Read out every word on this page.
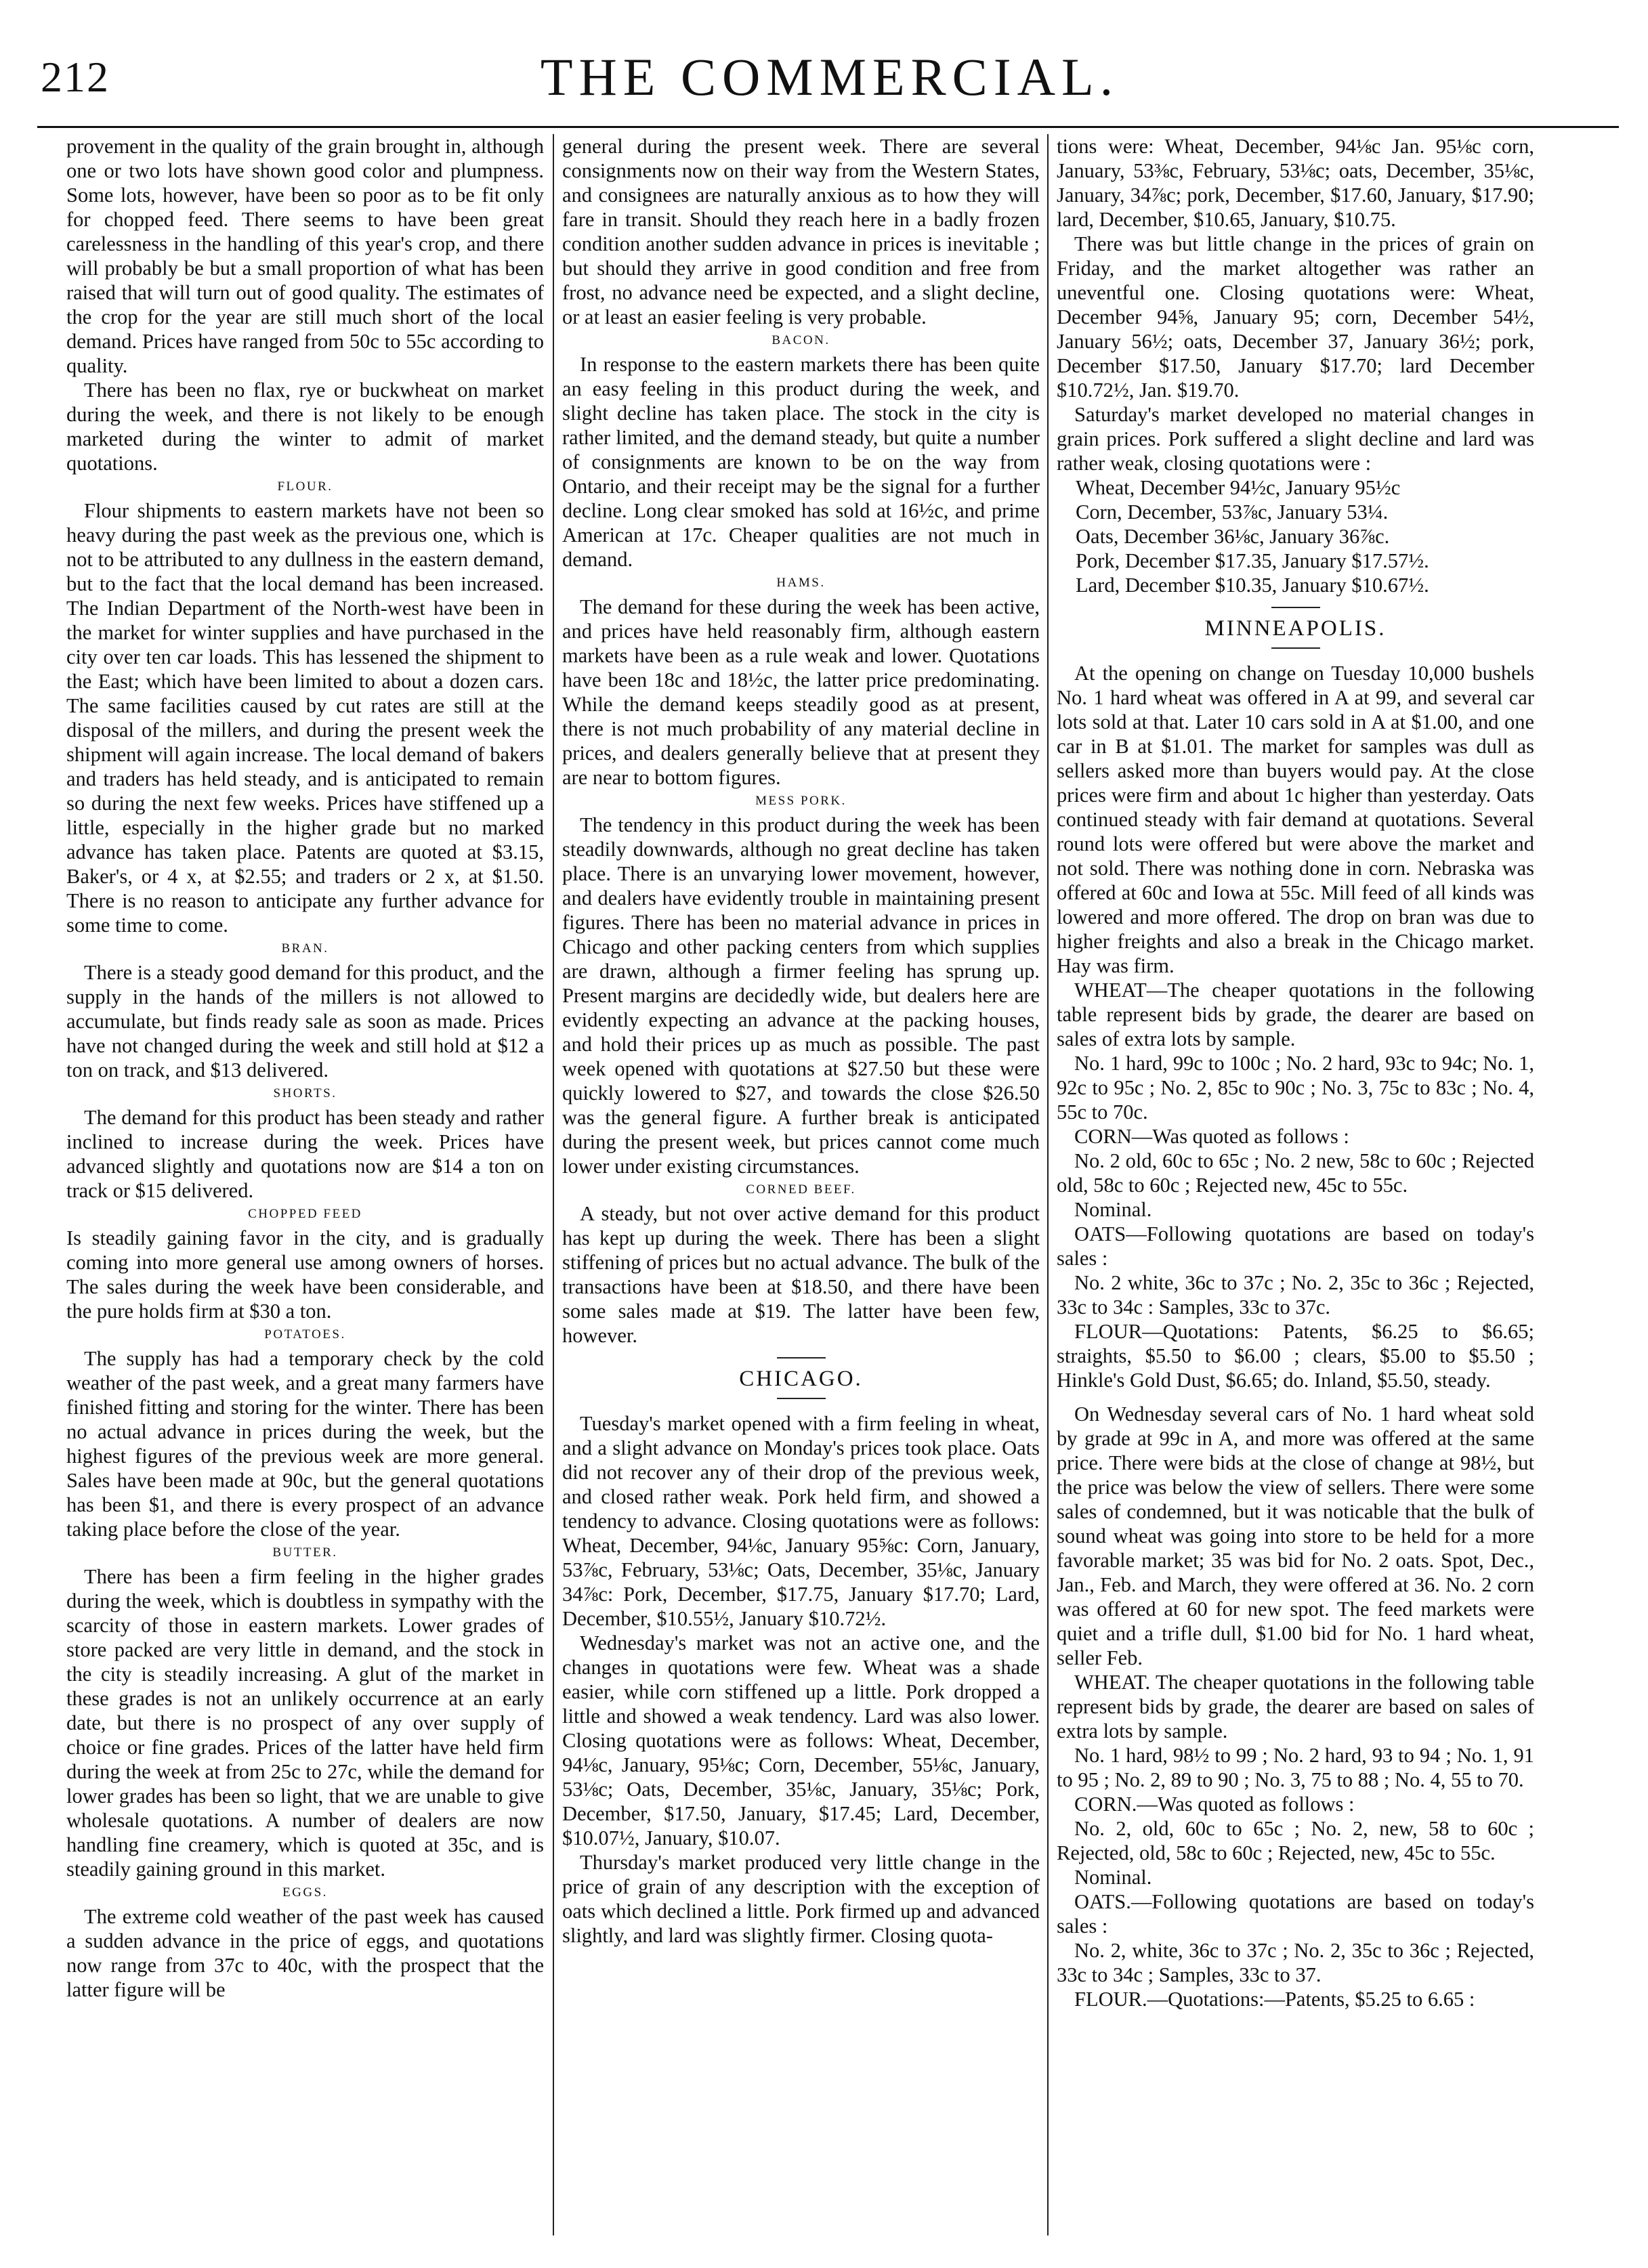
212	THE COMMERCIAL.

provement in the quality of the grain brought in, although one or two lots have shown good color and plumpness. Some lots, however, have been so poor as to be fit only for chopped feed. There seems to have been great carelessness in the handling of this year's crop, and there will probably be but a small proportion of what has been raised that will turn out of good quality. The estimates of the crop for the year are still much short of the local demand. Prices have ranged from 50c to 55c according to quality.

There has been no flax, rye or buckwheat on market during the week, and there is not likely to be enough marketed during the winter to admit of market quotations.

FLOUR.

Flour shipments to eastern markets have not been so heavy during the past week as the previous one, which is not to be attributed to any dullness in the eastern demand, but to the fact that the local demand has been increased. The Indian Department of the North-west have been in the market for winter supplies and have purchased in the city over ten car loads. This has lessened the shipment to the East; which have been limited to about a dozen cars. The same facilities caused by cut rates are still at the disposal of the millers, and during the present week the shipment will again increase. The local demand of bakers and traders has held steady, and is anticipated to remain so during the next few weeks. Prices have stiffened up a little, especially in the higher grade but no marked advance has taken place. Patents are quoted at $3.15, Baker's, or 4 x, at $2.55; and traders or 2 x, at $1.50. There is no reason to anticipate any further advance for some time to come.

BRAN.

There is a steady good demand for this product, and the supply in the hands of the millers is not allowed to accumulate, but finds ready sale as soon as made. Prices have not changed during the week and still hold at $12 a ton on track, and $13 delivered.

SHORTS.

The demand for this product has been steady and rather inclined to increase during the week. Prices have advanced slightly and quotations now are $14 a ton on track or $15 delivered.

CHOPPED FEED

Is steadily gaining favor in the city, and is gradually coming into more general use among owners of horses. The sales during the week have been considerable, and the pure holds firm at $30 a ton.

POTATOES.

The supply has had a temporary check by the cold weather of the past week, and a great many farmers have finished fitting and storing for the winter. There has been no actual advance in prices during the week, but the highest figures of the previous week are more general. Sales have been made at 90c, but the general quotations has been $1, and there is every prospect of an advance taking place before the close of the year.

BUTTER.

There has been a firm feeling in the higher grades during the week, which is doubtless in sympathy with the scarcity of those in eastern markets. Lower grades of store packed are very little in demand, and the stock in the city is steadily increasing. A glut of the market in these grades is not an unlikely occurrence at an early date, but there is no prospect of any over supply of choice or fine grades. Prices of the latter have held firm during the week at from 25c to 27c, while the demand for lower grades has been so light, that we are unable to give wholesale quotations. A number of dealers are now handling fine creamery, which is quoted at 35c, and is steadily gaining ground in this market.

EGGS.

The extreme cold weather of the past week has caused a sudden advance in the price of eggs, and quotations now range from 37c to 40c, with the prospect that the latter figure will be

general during the present week. There are several consignments now on their way from the Western States, and consignees are naturally anxious as to how they will fare in transit. Should they reach here in a badly frozen condition another sudden advance in prices is inevitable ; but should they arrive in good condition and free from frost, no advance need be expected, and a slight decline, or at least an easier feeling is very probable.

BACON.

In response to the eastern markets there has been quite an easy feeling in this product during the week, and slight decline has taken place. The stock in the city is rather limited, and the demand steady, but quite a number of consignments are known to be on the way from Ontario, and their receipt may be the signal for a further decline. Long clear smoked has sold at 16½c, and prime American at 17c. Cheaper qualities are not much in demand.

HAMS.

The demand for these during the week has been active, and prices have held reasonably firm, although eastern markets have been as a rule weak and lower. Quotations have been 18c and 18½c, the latter price predominating. While the demand keeps steadily good as at present, there is not much probability of any material decline in prices, and dealers generally believe that at present they are near to bottom figures.

MESS PORK.

The tendency in this product during the week has been steadily downwards, although no great decline has taken place. There is an unvarying lower movement, however, and dealers have evidently trouble in maintaining present figures. There has been no material advance in prices in Chicago and other packing centers from which supplies are drawn, although a firmer feeling has sprung up. Present margins are decidedly wide, but dealers here are evidently expecting an advance at the packing houses, and hold their prices up as much as possible. The past week opened with quotations at $27.50 but these were quickly lowered to $27, and towards the close $26.50 was the general figure. A further break is anticipated during the present week, but prices cannot come much lower under existing circumstances.

CORNED BEEF.

A steady, but not over active demand for this product has kept up during the week. There has been a slight stiffening of prices but no actual advance. The bulk of the transactions have been at $18.50, and there have been some sales made at $19. The latter have been few, however.

CHICAGO.

Tuesday's market opened with a firm feeling in wheat, and a slight advance on Monday's prices took place. Oats did not recover any of their drop of the previous week, and closed rather weak. Pork held firm, and showed a tendency to advance. Closing quotations were as follows: Wheat, December, 94⅛c, January 95⅝c: Corn, January, 53⅞c, February, 53⅛c; Oats, December, 35⅛c, January 34⅞c: Pork, December, $17.75, January $17.70; Lard, December, $10.55½, January $10.72½.

Wednesday's market was not an active one, and the changes in quotations were few. Wheat was a shade easier, while corn stiffened up a little. Pork dropped a little and showed a weak tendency. Lard was also lower. Closing quotations were as follows: Wheat, December, 94⅛c, January, 95⅛c; Corn, December, 55⅛c, January, 53⅛c; Oats, December, 35⅛c, January, 35⅛c; Pork, December, $17.50, January, $17.45; Lard, December, $10.07½, January, $10.07.

Thursday's market produced very little change in the price of grain of any description with the exception of oats which declined a little. Pork firmed up and advanced slightly, and lard was slightly firmer. Closing quota-

tions were: Wheat, December, 94⅛c Jan. 95⅛c corn, January, 53⅜c, February, 53⅛c; oats, December, 35⅛c, January, 34⅞c; pork, December, $17.60, January, $17.90; lard, December, $10.65, January, $10.75.

There was but little change in the prices of grain on Friday, and the market altogether was rather an uneventful one. Closing quotations were: Wheat, December 94⅝, January 95; corn, December 54½, January 56½; oats, December 37, January 36½; pork, December $17.50, January $17.70; lard December $10.72½, Jan. $19.70.

Saturday's market developed no material changes in grain prices. Pork suffered a slight decline and lard was rather weak, closing quotations were :

Wheat, December 94½c, January 95½c

Corn, December, 53⅞c, January 53¼.

Oats, December 36⅛c, January 36⅞c.

Pork, December $17.35, January $17.57½.

Lard, December $10.35, January $10.67½.

MINNEAPOLIS.

At the opening on change on Tuesday 10,000 bushels No. 1 hard wheat was offered in A at 99, and several car lots sold at that. Later 10 cars sold in A at $1.00, and one car in B at $1.01. The market for samples was dull as sellers asked more than buyers would pay. At the close prices were firm and about 1c higher than yesterday. Oats continued steady with fair demand at quotations. Several round lots were offered but were above the market and not sold. There was nothing done in corn. Nebraska was offered at 60c and Iowa at 55c. Mill feed of all kinds was lowered and more offered. The drop on bran was due to higher freights and also a break in the Chicago market. Hay was firm.

WHEAT—The cheaper quotations in the following table represent bids by grade, the dearer are based on sales of extra lots by sample.

No. 1 hard, 99c to 100c ; No. 2 hard, 93c to 94c; No. 1, 92c to 95c ; No. 2, 85c to 90c ; No. 3, 75c to 83c ; No. 4, 55c to 70c.

CORN—Was quoted as follows :

No. 2 old, 60c to 65c ; No. 2 new, 58c to 60c ; Rejected old, 58c to 60c ; Rejected new, 45c to 55c.

Nominal.

OATS—Following quotations are based on today's sales :

No. 2 white, 36c to 37c ; No. 2, 35c to 36c ; Rejected, 33c to 34c : Samples, 33c to 37c.

FLOUR—Quotations: Patents, $6.25 to $6.65; straights, $5.50 to $6.00 ; clears, $5.00 to $5.50 ; Hinkle's Gold Dust, $6.65; do. Inland, $5.50, steady.

On Wednesday several cars of No. 1 hard wheat sold by grade at 99c in A, and more was offered at the same price. There were bids at the close of change at 98½, but the price was below the view of sellers. There were some sales of condemned, but it was noticable that the bulk of sound wheat was going into store to be held for a more favorable market; 35 was bid for No. 2 oats. Spot, Dec., Jan., Feb. and March, they were offered at 36. No. 2 corn was offered at 60 for new spot. The feed markets were quiet and a trifle dull, $1.00 bid for No. 1 hard wheat, seller Feb.

WHEAT. The cheaper quotations in the following table represent bids by grade, the dearer are based on sales of extra lots by sample.

No. 1 hard, 98½ to 99 ; No. 2 hard, 93 to 94 ; No. 1, 91 to 95 ; No. 2, 89 to 90 ; No. 3, 75 to 88 ; No. 4, 55 to 70.

CORN.—Was quoted as follows :

No. 2, old, 60c to 65c ; No. 2, new, 58 to 60c ; Rejected, old, 58c to 60c ; Rejected, new, 45c to 55c.

Nominal.

OATS.—Following quotations are based on today's sales :

No. 2, white, 36c to 37c ; No. 2, 35c to 36c ; Rejected, 33c to 34c ; Samples, 33c to 37.

FLOUR.—Quotations:—Patents, $5.25 to 6.65 :
